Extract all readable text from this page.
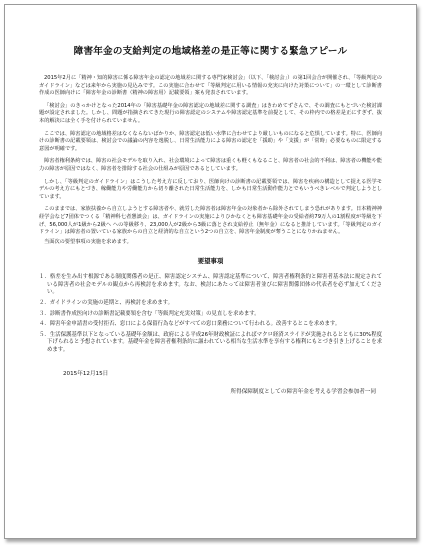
障害年金の支給判定の地域格差の是正等に関する緊急アピール

2015年2月に「精神・知的障害に係る障害年金の認定の地域差に関する専門家検討会」（以下、「検討会」）の第1回会合が開催され、「等級判定のガイドライン」などは来年から実施の見込みです。この実施に合わせて「等級判定に用いる情報の充実に向けた対策について」の一環として診断書作成の医師向けに「障害年金の診断書（精神の障害用）記載要領」案も発表されています。

「検討会」のきっかけとなった2014年の「障害基礎年金の障害認定の地域差に関する調査」はきわめてずさんで、その調査にもとづいた検討課題が設定されました。しかし、問題が指摘されてきた現行の障害認定のシステムや障害認定基準を前提として、その枠内での格差是正にすぎず、抜本的解決には全く手を付けられていません。

ここでは、障害認定の地域格差はなくならないばかりか、障害認定は低い水準に合わせてより厳しいものになると危惧しています。特に、医師向けの診断書の記載要領は、検討会での議論の内容を逸脱し、日常生活能力による障害の認定を「援助」や「支援」が「常時」必要なものに限定する意図が明確です。

障害者権利条約では、障害の社会モデルを取り入れ、社会環境によって障害は重くも軽くもなること、障害者の社会的不利は、障害者の機能や能力の障害が原因ではなく、障害者を排除する社会の仕組みが原因であるとしています。

しかし、「等級判定のガイドライン」はこうした考え方に反しており、医師向けの診断書の記載要領では、障害を疾病の構造として捉える医学モデルの考え方にもとづき、稼働能力や労働能力から切り離された日常生活能力を、しかも日常生活動作能力とでもいうべきレベルで判定しようとしています。

このままでは、家族扶養から自立しようとする障害者や、就労した障害者は障害年金の対象者から除外されてしまう恐れがあります。日本精神神経学会など7団体でつくる「精神科七者懇談会」は、ガイドラインの実施によりひかなくとも障害基礎年金の受給者約79万人の1割程度が等級を下げ、56,000人が1級から2級へ への等級移り、23,000人が2級から3級に落とされ支給停止（無年金）になると推計しています。「等級判定のガイドライン」は障害者の置いている家族からの自立と経済的な自立という2つの自立を、障害年金制度が奪うことになりかねません。

当面次の要望事項の実施を求めます。

要望事項

１．格差を生み出す根源である制度関係者の是正、障害認定システム、障害認定基準について、障害者権利条約と障害者基本法に規定されている障害者の社会モデルの観点から再検討を求めます。なお、検討にあたっては障害者並びに障害関係団体の代表者を必ず加えてください。

２．ガイドラインの実施の延期と、再検討を求めます。

３．診断書作成医向けの診断書記載要領を含む「等級判定充実対策」の見直しを求めます。

４．障害年金申請書の受付拒否、窓口による保留行為などがすべての窓口業務について行われる。改善するとこを求めます。

５．生活保護基準以下となっている基礎年金額は、政府による平成26年財政検証によればマクロ経済スライドが実施されるとともに30%程度下げられると予想されています。基礎年金を障害者権利条約に謳われている相当な生活水準を享有する権利にもとづき引き上げることを求めます。

2015年12月15日
所得保障制度としての障害年金を考える学習会参加者一同
